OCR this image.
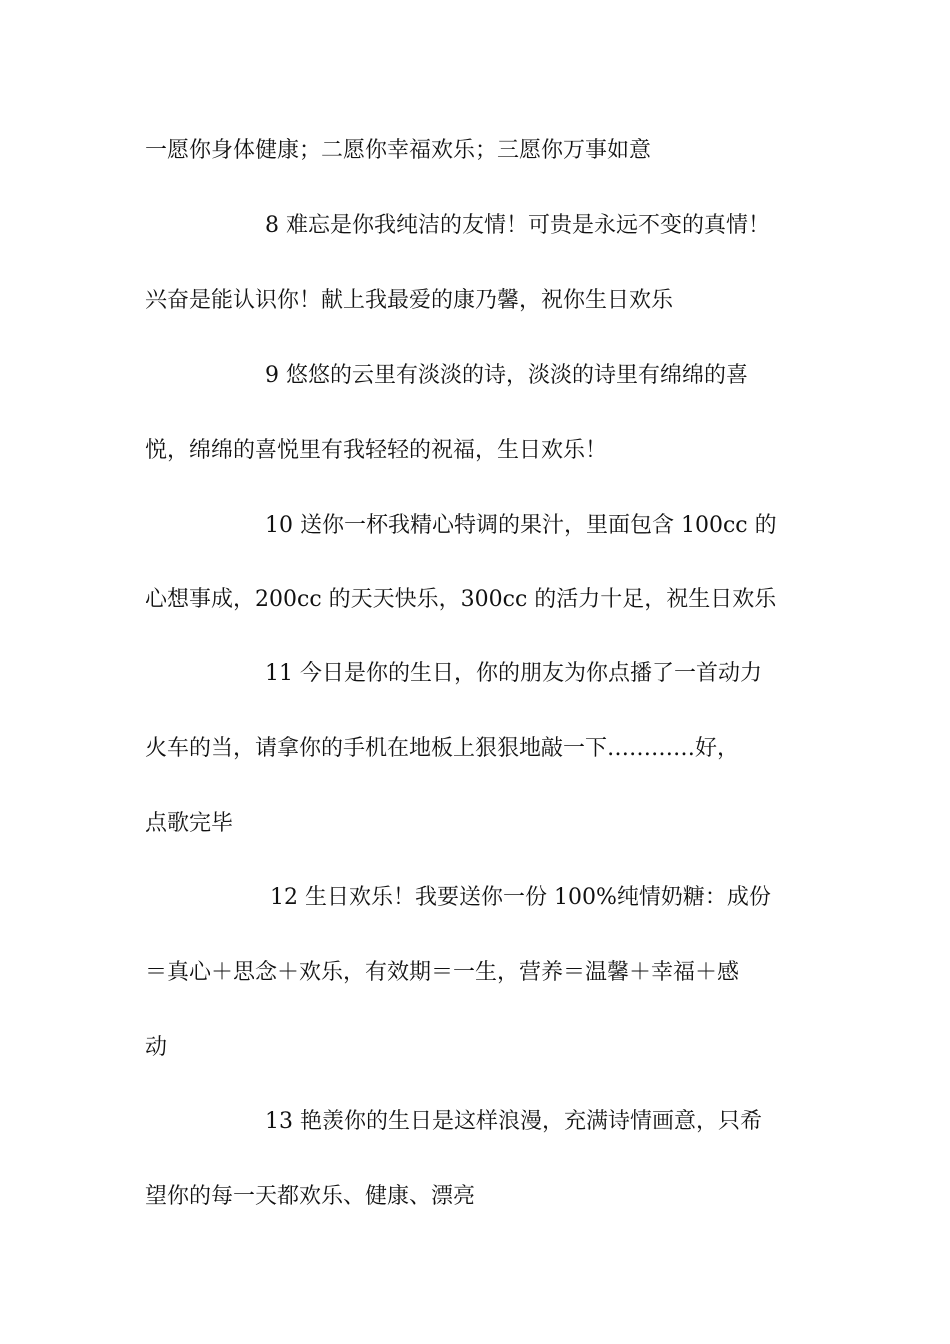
一愿你身体健康；二愿你幸福欢乐；三愿你万事如意
8 难忘是你我纯洁的友情！可贵是永远不变的真情！
兴奋是能认识你！献上我最爱的康乃馨，祝你生日欢乐
9 悠悠的云里有淡淡的诗，淡淡的诗里有绵绵的喜
悦，绵绵的喜悦里有我轻轻的祝福，生日欢乐！
10 送你一杯我精心特调的果汁，里面包含 100cc 的
心想事成，200cc 的天天快乐，300cc 的活力十足，祝生日欢乐
11 今日是你的生日，你的朋友为你点播了一首动力
火车的当，请拿你的手机在地板上狠狠地敲一下…………好，
点歌完毕
12 生日欢乐！我要送你一份 100%纯情奶糖：成份
＝真心＋思念＋欢乐，有效期＝一生，营养＝温馨＋幸福＋感
动
13 艳羡你的生日是这样浪漫，充满诗情画意，只希
望你的每一天都欢乐、健康、漂亮
